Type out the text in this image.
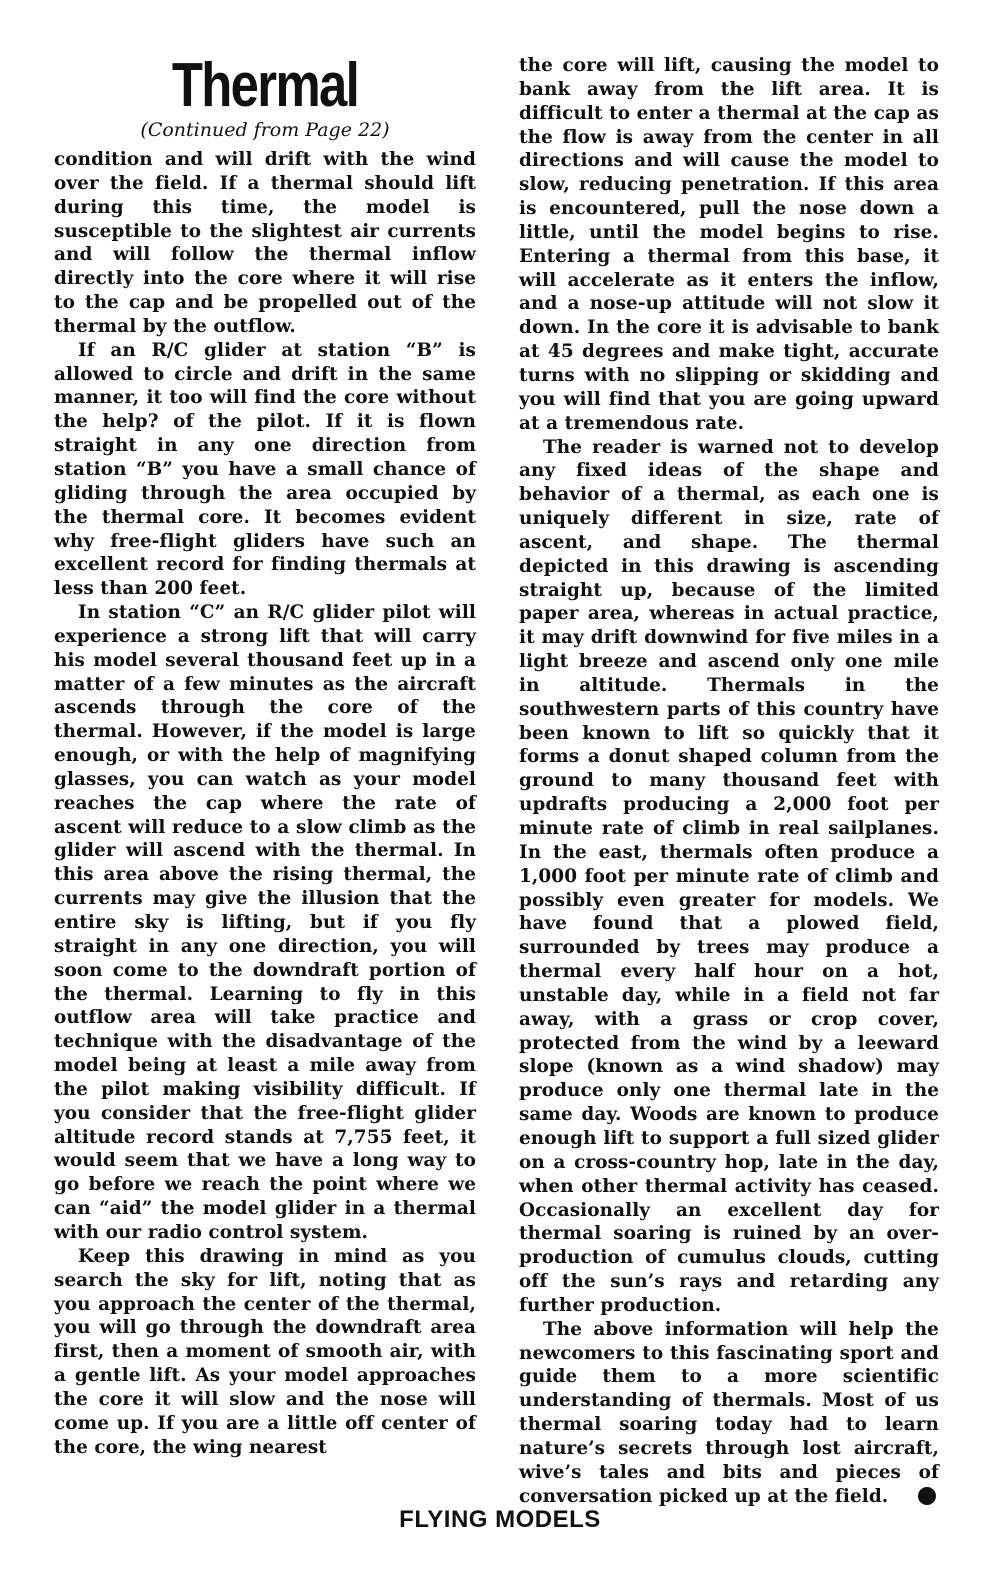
Thermal

(Continued from Page 22)

condition and will drift with the wind over the field. If a thermal should lift during this time, the model is susceptible to the slightest air currents and will follow the thermal inflow directly into the core where it will rise to the cap and be propelled out of the thermal by the outflow.

If an R/C glider at station “B” is allowed to circle and drift in the same manner, it too will find the core without the help? of the pilot. If it is flown straight in any one direction from station “B” you have a small chance of gliding through the area occupied by the thermal core. It becomes evident why free-flight gliders have such an excellent record for finding thermals at less than 200 feet.

In station “C” an R/C glider pilot will experience a strong lift that will carry his model several thousand feet up in a matter of a few minutes as the aircraft ascends through the core of the thermal. However, if the model is large enough, or with the help of magnifying glasses, you can watch as your model reaches the cap where the rate of ascent will reduce to a slow climb as the glider will ascend with the thermal. In this area above the rising thermal, the currents may give the illusion that the entire sky is lifting, but if you fly straight in any one direction, you will soon come to the downdraft portion of the thermal. Learning to fly in this outflow area will take practice and technique with the disadvantage of the model being at least a mile away from the pilot making visibility difficult. If you consider that the free-flight glider altitude record stands at 7,755 feet, it would seem that we have a long way to go before we reach the point where we can “aid” the model glider in a thermal with our radio control system.

Keep this drawing in mind as you search the sky for lift, noting that as you approach the center of the thermal, you will go through the downdraft area first, then a moment of smooth air, with a gentle lift. As your model approaches the core it will slow and the nose will come up. If you are a little off center of the core, the wing nearest

the core will lift, causing the model to bank away from the lift area. It is difficult to enter a thermal at the cap as the flow is away from the center in all directions and will cause the model to slow, reducing penetration. If this area is encountered, pull the nose down a little, until the model begins to rise. Entering a thermal from this base, it will accelerate as it enters the inflow, and a nose-up attitude will not slow it down. In the core it is advisable to bank at 45 degrees and make tight, accurate turns with no slipping or skidding and you will find that you are going upward at a tremendous rate.

The reader is warned not to develop any fixed ideas of the shape and behavior of a thermal, as each one is uniquely different in size, rate of ascent, and shape. The thermal depicted in this drawing is ascending straight up, because of the limited paper area, whereas in actual practice, it may drift downwind for five miles in a light breeze and ascend only one mile in altitude. Thermals in the southwestern parts of this country have been known to lift so quickly that it forms a donut shaped column from the ground to many thousand feet with updrafts producing a 2,000 foot per minute rate of climb in real sailplanes. In the east, thermals often produce a 1,000 foot per minute rate of climb and possibly even greater for models. We have found that a plowed field, surrounded by trees may produce a thermal every half hour on a hot, unstable day, while in a field not far away, with a grass or crop cover, protected from the wind by a leeward slope (known as a wind shadow) may produce only one thermal late in the same day. Woods are known to produce enough lift to support a full sized glider on a cross-country hop, late in the day, when other thermal activity has ceased. Occasionally an excellent day for thermal soaring is ruined by an over-production of cumulus clouds, cutting off the sun’s rays and retarding any further production.

The above information will help the newcomers to this fascinating sport and guide them to a more scientific understanding of thermals. Most of us thermal soaring today had to learn nature’s secrets through lost aircraft, wive’s tales and bits and pieces of conversation picked up at the field.

FLYING MODELS
